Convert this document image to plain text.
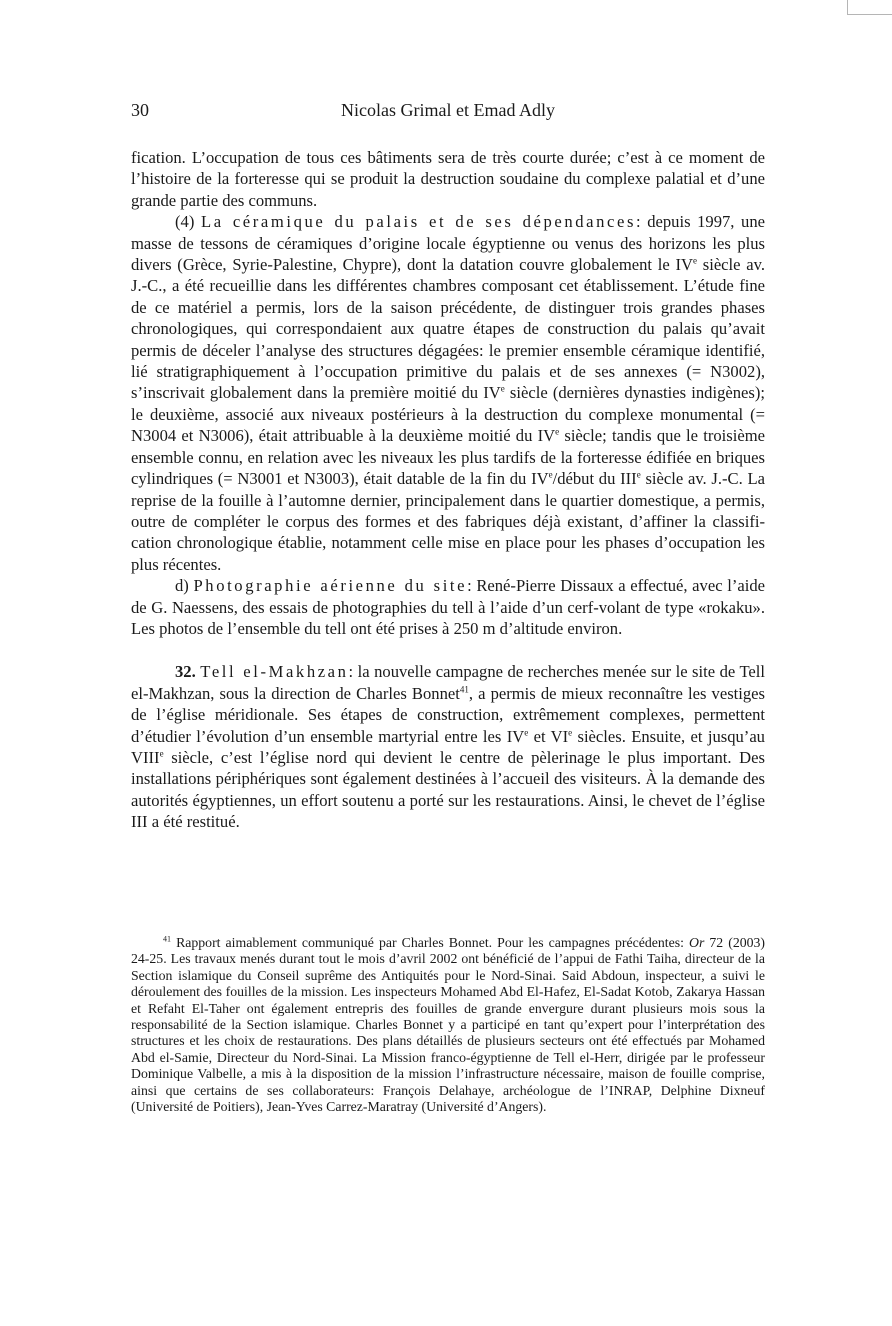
30	Nicolas Grimal et Emad Adly

fication. L’occupation de tous ces bâtiments sera de très courte durée; c’est à ce moment de l’histoire de la forteresse qui se produit la destruction soudaine du complexe palatial et d’une grande partie des communs.

(4) La céramique du palais et de ses dépendances: depuis 1997, une masse de tessons de céramiques d’origine locale égyptienne ou venus des horizons les plus divers (Grèce, Syrie-Palestine, Chypre), dont la datation couvre globalement le IVe siècle av. J.-C., a été recueillie dans les différentes chambres composant cet établissement. L’étude fine de ce matériel a permis, lors de la saison précédente, de distinguer trois grandes phases chronologiques, qui correspondaient aux quatre étapes de construction du palais qu’avait permis de déceler l’analyse des structures dégagées: le premier ensemble céramique identifié, lié stratigraphiquement à l’occupation primitive du palais et de ses annexes (= N3002), s’inscrivait globalement dans la première moitié du IVe siècle (dernières dynasties indigènes); le deuxième, associé aux niveaux postérieurs à la destruction du complexe monumental (= N3004 et N3006), était attribuable à la deuxième moitié du IVe siècle; tandis que le troisième ensemble connu, en relation avec les niveaux les plus tardifs de la forteresse édifiée en briques cylindriques (= N3001 et N3003), était datable de la fin du IVe/début du IIIe siècle av. J.-C. La reprise de la fouille à l’automne dernier, principalement dans le quartier domestique, a permis, outre de compléter le corpus des formes et des fabriques déjà existant, d’affiner la classification chronologique établie, notamment celle mise en place pour les phases d’occupation les plus récentes.

d) Photographie aérienne du site: René-Pierre Dissaux a effectué, avec l’aide de G. Naessens, des essais de photographies du tell à l’aide d’un cerf-volant de type «rokaku». Les photos de l’ensemble du tell ont été prises à 250 m d’altitude environ.

32. Tell el-Makhzan: la nouvelle campagne de recherches menée sur le site de Tell el-Makhzan, sous la direction de Charles Bonnet$^{41}$, a permis de mieux reconnaître les vestiges de l’église méridionale. Ses étapes de construction, extrêmement complexes, permettent d’étudier l’évolution d’un ensemble martyrial entre les IVe et VIe siècles. Ensuite, et jusqu’au VIIIe siècle, c’est l’église nord qui devient le centre de pèlerinage le plus important. Des installations périphériques sont également destinées à l’accueil des visiteurs. À la demande des autorités égyptiennes, un effort soutenu a porté sur les restaurations. Ainsi, le chevet de l’église III a été restitué.

$^{41}$ Rapport aimablement communiqué par Charles Bonnet. Pour les campagnes précédentes: Or 72 (2003) 24-25. Les travaux menés durant tout le mois d’avril 2002 ont bénéficié de l’appui de Fathi Taiha, directeur de la Section islamique du Conseil suprême des Antiquités pour le Nord-Sinai. Said Abdoun, inspecteur, a suivi le déroulement des fouilles de la mission. Les inspecteurs Mohamed Abd El-Hafez, El-Sadat Kotob, Zakarya Hassan et Refaht El-Taher ont également entrepris des fouilles de grande envergure durant plusieurs mois sous la responsabilité de la Section islamique. Charles Bonnet y a participé en tant qu’expert pour l’interprétation des structures et les choix de restaurations. Des plans détaillés de plusieurs secteurs ont été effectués par Mohamed Abd el-Samie, Directeur du Nord-Sinai. La Mission franco-égyptienne de Tell el-Herr, dirigée par le professeur Dominique Valbelle, a mis à la disposition de la mission l’infrastructure nécessaire, maison de fouille comprise, ainsi que certains de ses collaborateurs: François Delahaye, archéologue de l’INRAP, Delphine Dixneuf (Université de Poitiers), Jean-Yves Carrez-Maratray (Université d’Angers).
